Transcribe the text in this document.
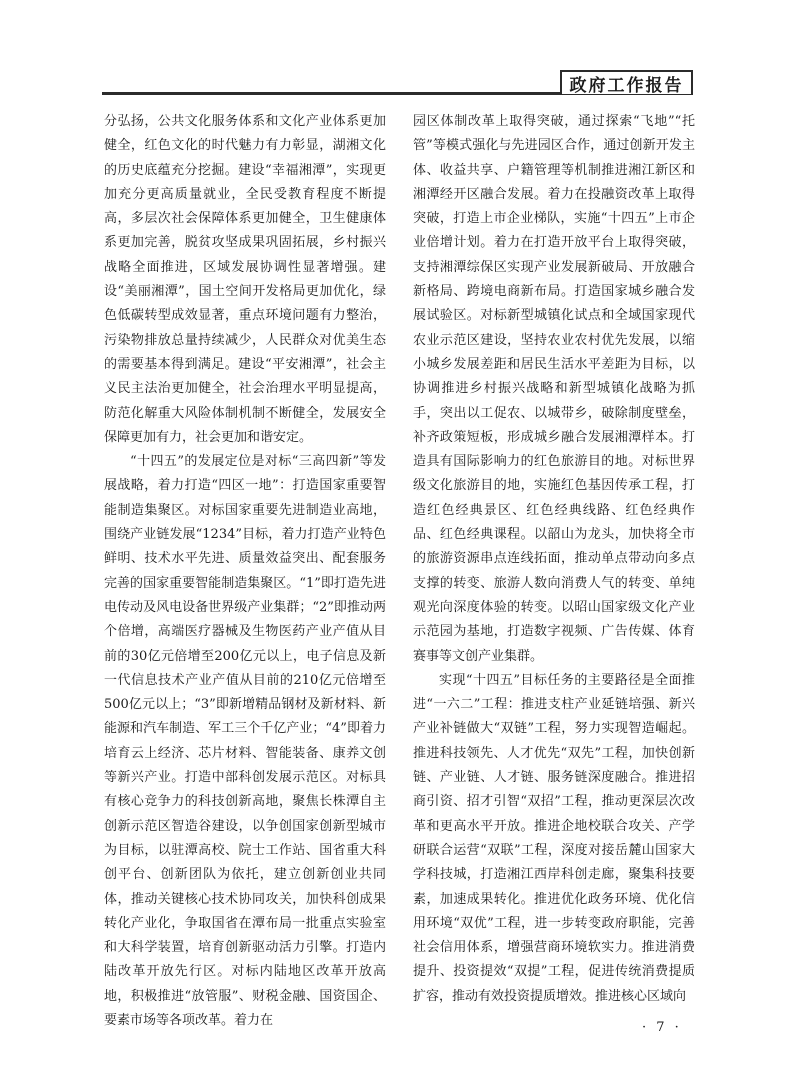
政府工作报告

分弘扬，公共文化服务体系和文化产业体系更加健全，红色文化的时代魅力有力彰显，湖湘文化的历史底蕴充分挖掘。建设“幸福湘潭”，实现更加充分更高质量就业，全民受教育程度不断提高，多层次社会保障体系更加健全，卫生健康体系更加完善，脱贫攻坚成果巩固拓展，乡村振兴战略全面推进，区域发展协调性显著增强。建设“美丽湘潭”，国土空间开发格局更加优化，绿色低碳转型成效显著，重点环境问题有力整治，污染物排放总量持续减少，人民群众对优美生态的需要基本得到满足。建设“平安湘潭”，社会主义民主法治更加健全，社会治理水平明显提高，防范化解重大风险体制机制不断健全，发展安全保障更加有力，社会更加和谐安定。

“十四五”的发展定位是对标“三高四新”等发展战略，着力打造“四区一地”：打造国家重要智能制造集聚区。对标国家重要先进制造业高地，围绕产业链发展“1234”目标，着力打造产业特色鲜明、技术水平先进、质量效益突出、配套服务完善的国家重要智能制造集聚区。“1”即打造先进电传动及风电设备世界级产业集群；“2”即推动两个倍增，高端医疗器械及生物医药产业产值从目前的30亿元倍增至200亿元以上，电子信息及新一代信息技术产业产值从目前的210亿元倍增至500亿元以上；“3”即新增精品钢材及新材料、新能源和汽车制造、军工三个千亿产业；“4”即着力培育云上经济、芯片材料、智能装备、康养文创等新兴产业。打造中部科创发展示范区。对标具有核心竞争力的科技创新高地，聚焦长株潭自主创新示范区智造谷建设，以争创国家创新型城市为目标，以驻潭高校、院士工作站、国省重大科创平台、创新团队为依托，建立创新创业共同体，推动关键核心技术协同攻关，加快科创成果转化产业化，争取国省在潭布局一批重点实验室和大科学装置，培育创新驱动活力引擎。打造内陆改革开放先行区。对标内陆地区改革开放高地，积极推进“放管服”、财税金融、国资国企、要素市场等各项改革。着力在

园区体制改革上取得突破，通过探索“飞地”“托管”等模式强化与先进园区合作，通过创新开发主体、收益共享、户籍管理等机制推进湘江新区和湘潭经开区融合发展。着力在投融资改革上取得突破，打造上市企业梯队，实施“十四五”上市企业倍增计划。着力在打造开放平台上取得突破，支持湘潭综保区实现产业发展新破局、开放融合新格局、跨境电商新布局。打造国家城乡融合发展试验区。对标新型城镇化试点和全域国家现代农业示范区建设，坚持农业农村优先发展，以缩小城乡发展差距和居民生活水平差距为目标，以协调推进乡村振兴战略和新型城镇化战略为抓手，突出以工促农、以城带乡，破除制度壁垒，补齐政策短板，形成城乡融合发展湘潭样本。打造具有国际影响力的红色旅游目的地。对标世界级文化旅游目的地，实施红色基因传承工程，打造红色经典景区、红色经典线路、红色经典作品、红色经典课程。以韶山为龙头，加快将全市的旅游资源串点连线拓面，推动单点带动向多点支撑的转变、旅游人数向消费人气的转变、单纯观光向深度体验的转变。以昭山国家级文化产业示范园为基地，打造数字视频、广告传媒、体育赛事等文创产业集群。

实现“十四五”目标任务的主要路径是全面推进“一六二”工程：推进支柱产业延链培强、新兴产业补链做大“双链”工程，努力实现智造崛起。推进科技领先、人才优先“双先”工程，加快创新链、产业链、人才链、服务链深度融合。推进招商引资、招才引智“双招”工程，推动更深层次改革和更高水平开放。推进企地校联合攻关、产学研联合运营“双联”工程，深度对接岳麓山国家大学科技城，打造湘江西岸科创走廊，聚集科技要素，加速成果转化。推进优化政务环境、优化信用环境“双优”工程，进一步转变政府职能，完善社会信用体系，增强营商环境软实力。推进消费提升、投资提效“双提”工程，促进传统消费提质扩容，推动有效投资提质增效。推进核心区域向

· 7 ·
